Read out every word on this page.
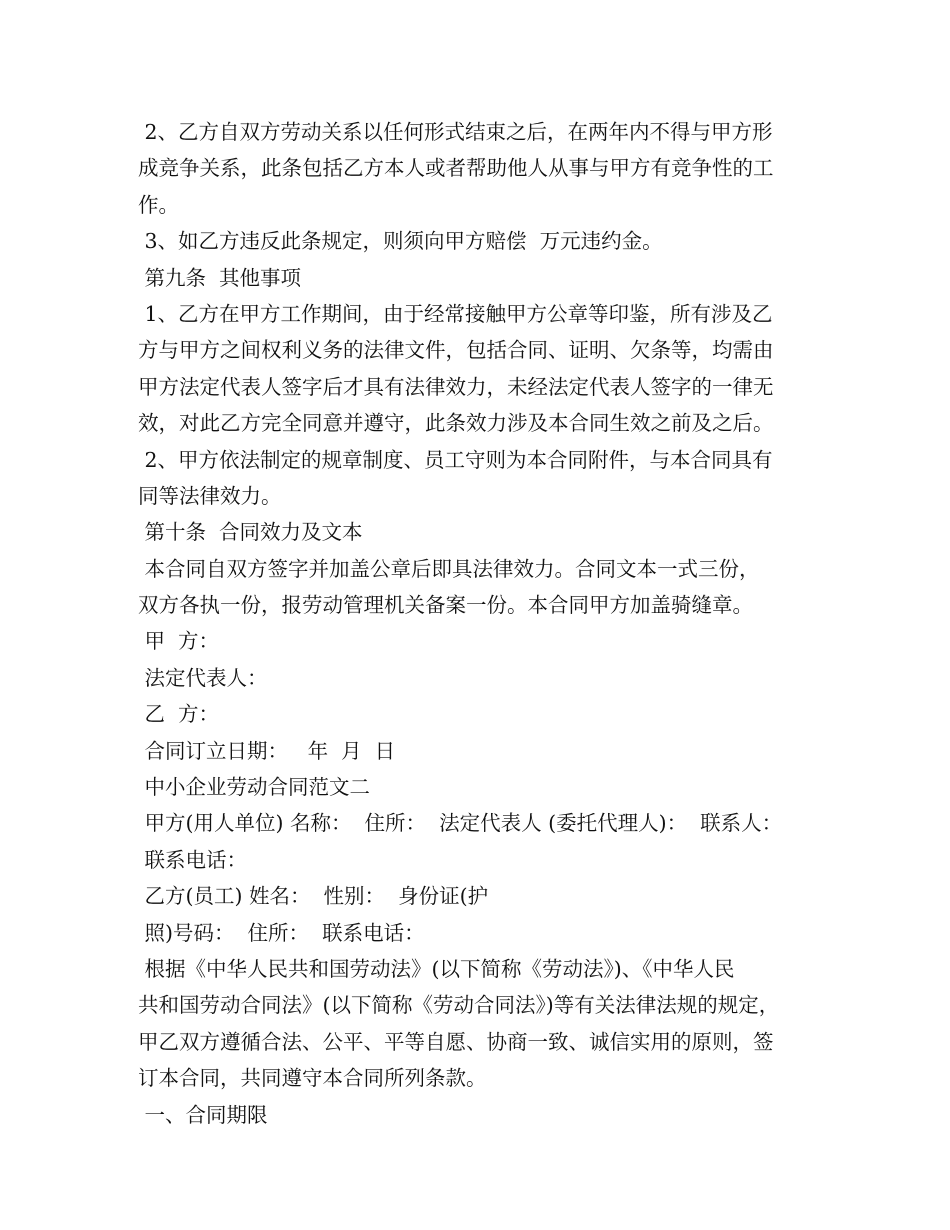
2、乙方自双方劳动关系以任何形式结束之后，在两年内不得与甲方形
成竞争关系，此条包括乙方本人或者帮助他人从事与甲方有竞争性的工
作。
3、如乙方违反此条规定，则须向甲方赔偿  万元违约金。
第九条  其他事项
1、乙方在甲方工作期间，由于经常接触甲方公章等印鉴，所有涉及乙
方与甲方之间权利义务的法律文件，包括合同、证明、欠条等，均需由
甲方法定代表人签字后才具有法律效力，未经法定代表人签字的一律无
效，对此乙方完全同意并遵守，此条效力涉及本合同生效之前及之后。
2、甲方依法制定的规章制度、员工守则为本合同附件，与本合同具有
同等法律效力。
第十条  合同效力及文本
本合同自双方签字并加盖公章后即具法律效力。合同文本一式三份，
双方各执一份，报劳动管理机关备案一份。本合同甲方加盖骑缝章。
甲  方：
法定代表人：
乙  方：
合同订立日期：   年  月  日
中小企业劳动合同范文二
甲方(用人单位) 名称：  住所：  法定代表人 (委托代理人)：  联系人：
联系电话：
乙方(员工) 姓名：  性别：  身份证(护
照)号码：  住所：  联系电话：
根据《中华人民共和国劳动法》(以下简称《劳动法》)、《中华人民
共和国劳动合同法》(以下简称《劳动合同法》)等有关法律法规的规定，
甲乙双方遵循合法、公平、平等自愿、协商一致、诚信实用的原则，签
订本合同，共同遵守本合同所列条款。
一、合同期限
